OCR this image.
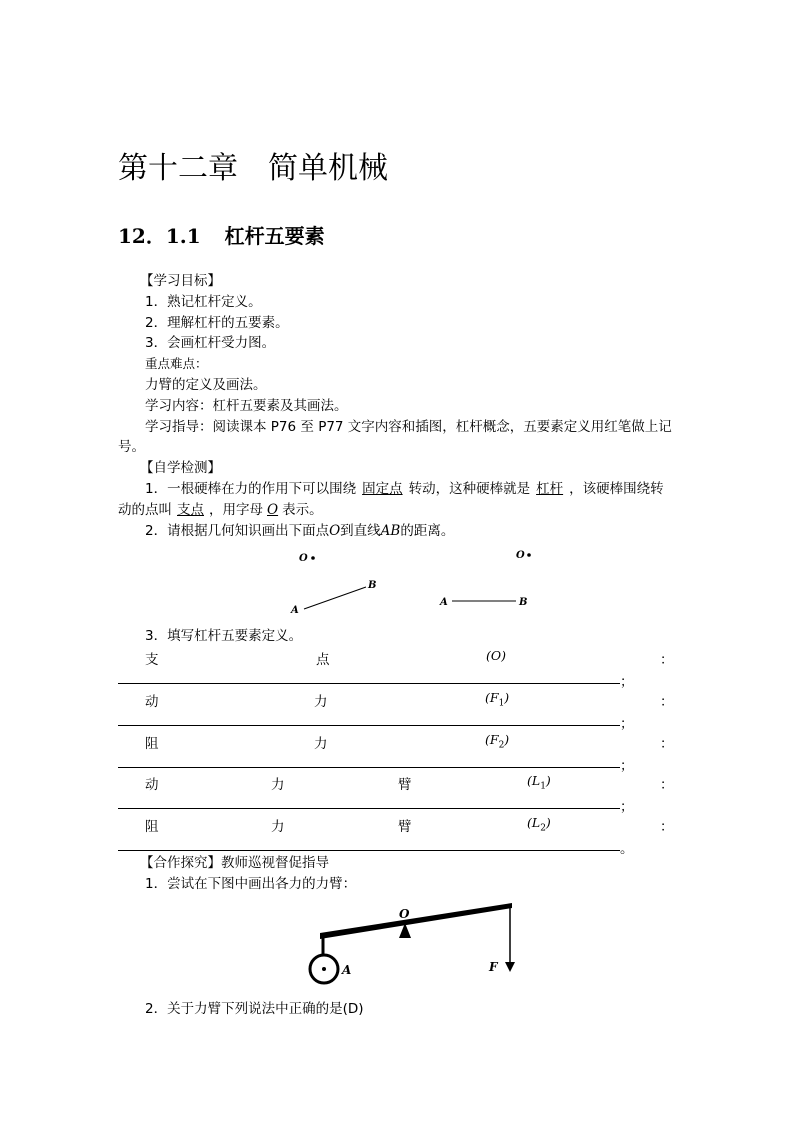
第十二章 简单机械
12．1.1 杠杆五要素
【学习目标】
1．熟记杠杆定义。
2．理解杠杆的五要素。
3．会画杠杆受力图。
重点难点：
力臂的定义及画法。
学习内容：杠杆五要素及其画法。
学习指导：阅读课本 P76 至 P77 文字内容和插图，杠杆概念，五要素定义用红笔做上记
号。
【自学检测】
1．一根硬棒在力的作用下可以围绕 固定点 转动，这种硬棒就是 杠杆 ，该硬棒围绕转
动的点叫 支点 ，用字母 O 表示。
2．请根据几何知识画出下面点O到直线AB的距离。
O
A
B
O
A	B
3．填写杠杆五要素定义。
支	点	(O)	：
；
动	力	$(F_1)$	：
；
阻	力	$(F_2)$	：
；
动	力	臂	$(L_1)$	：
；
阻	力	臂	$(L_2)$	：
。
【合作探究】教师巡视督促指导
1．尝试在下图中画出各力的力臂：
O
A	F
2．关于力臂下列说法中正确的是(D)
